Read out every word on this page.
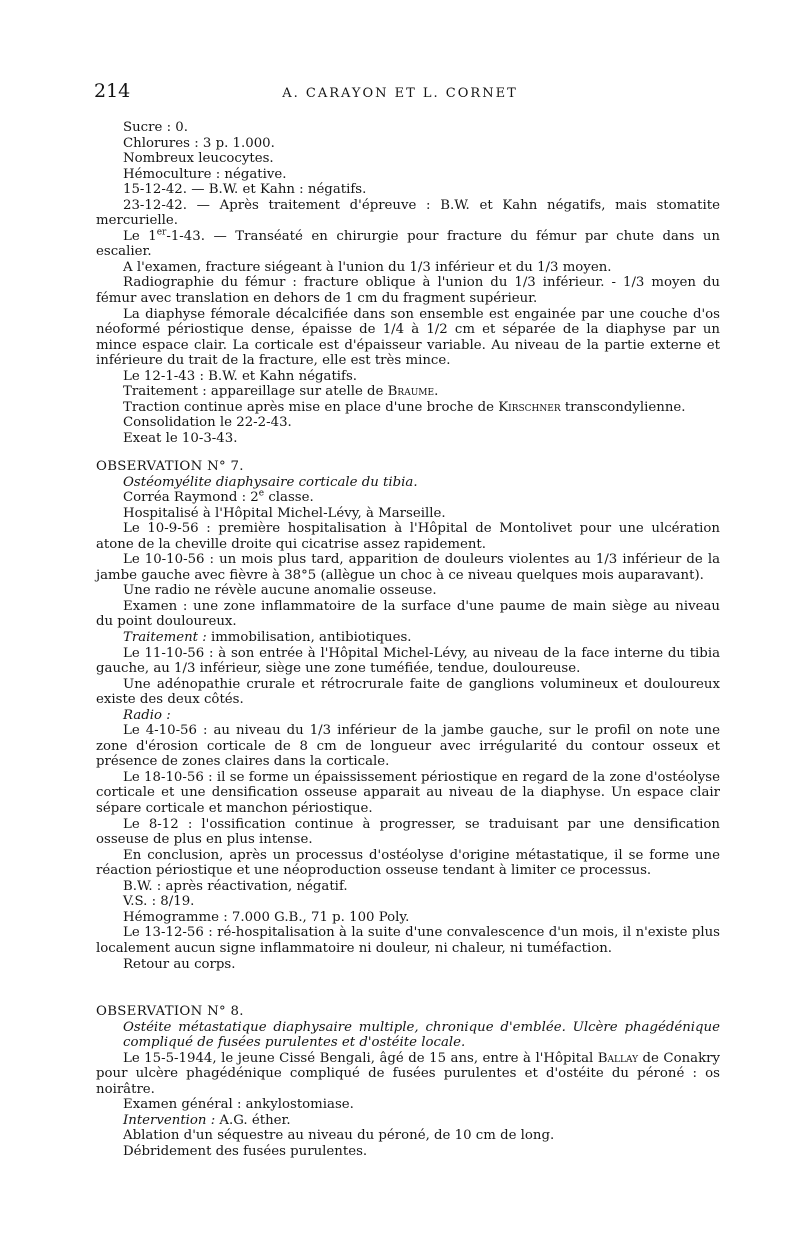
214	A. CARAYON ET L. CORNET

Sucre : 0.

Chlorures : 3 p. 1.000.

Nombreux leucocytes.

Hémoculture : négative.

15-12-42. — B.W. et Kahn : négatifs.

23-12-42. — Après traitement d'épreuve : B.W. et Kahn négatifs, mais stomatite mercurielle.

Le 1er-1-43. — Transéaté en chirurgie pour fracture du fémur par chute dans un escalier.

A l'examen, fracture siégeant à l'union du 1/3 inférieur et du 1/3 moyen.

Radiographie du fémur : fracture oblique à l'union du 1/3 inférieur. - 1/3 moyen du fémur avec translation en dehors de 1 cm du fragment supérieur.

La diaphyse fémorale décalcifiée dans son ensemble est engainée par une couche d'os néoformé périostique dense, épaisse de 1/4 à 1/2 cm et séparée de la diaphyse par un mince espace clair. La corticale est d'épaisseur variable. Au niveau de la partie externe et inférieure du trait de la fracture, elle est très mince.

Le 12-1-43 : B.W. et Kahn négatifs.

Traitement : appareillage sur atelle de Braume.

Traction continue après mise en place d'une broche de Kirschner transcondylienne.

Consolidation le 22-2-43.

Exeat le 10-3-43.

OBSERVATION N° 7.

Ostéomyélite diaphysaire corticale du tibia.

Corréa Raymond : 2e classe.

Hospitalisé à l'Hôpital Michel-Lévy, à Marseille.

Le 10-9-56 : première hospitalisation à l'Hôpital de Montolivet pour une ulcération atone de la cheville droite qui cicatrise assez rapidement.

Le 10-10-56 : un mois plus tard, apparition de douleurs violentes au 1/3 inférieur de la jambe gauche avec fièvre à 38°5 (allègue un choc à ce niveau quelques mois auparavant).

Une radio ne révèle aucune anomalie osseuse.

Examen : une zone inflammatoire de la surface d'une paume de main siège au niveau du point douloureux.

Traitement : immobilisation, antibiotiques.

Le 11-10-56 : à son entrée à l'Hôpital Michel-Lévy, au niveau de la face interne du tibia gauche, au 1/3 inférieur, siège une zone tuméfiée, tendue, douloureuse.

Une adénopathie crurale et rétrocrurale faite de ganglions volumineux et douloureux existe des deux côtés.

Radio :

Le 4-10-56 : au niveau du 1/3 inférieur de la jambe gauche, sur le profil on note une zone d'érosion corticale de 8 cm de longueur avec irrégularité du contour osseux et présence de zones claires dans la corticale.

Le 18-10-56 : il se forme un épaississement périostique en regard de la zone d'ostéolyse corticale et une densification osseuse apparait au niveau de la diaphyse. Un espace clair sépare corticale et manchon périostique.

Le 8-12 : l'ossification continue à progresser, se traduisant par une densification osseuse de plus en plus intense.

En conclusion, après un processus d'ostéolyse d'origine métastatique, il se forme une réaction périostique et une néoproduction osseuse tendant à limiter ce processus.

B.W. : après réactivation, négatif.

V.S. : 8/19.

Hémogramme : 7.000 G.B., 71 p. 100 Poly.

Le 13-12-56 : ré-hospitalisation à la suite d'une convalescence d'un mois, il n'existe plus localement aucun signe inflammatoire ni douleur, ni chaleur, ni tuméfaction.

Retour au corps.

OBSERVATION N° 8.

Ostéite métastatique diaphysaire multiple, chronique d'emblée. Ulcère phagédénique compliqué de fusées purulentes et d'ostéite locale.

Le 15-5-1944, le jeune Cissé Bengali, âgé de 15 ans, entre à l'Hôpital Ballay de Conakry pour ulcère phagédénique compliqué de fusées purulentes et d'ostéite du péroné : os noirâtre.

Examen général : ankylostomiase.

Intervention : A.G. éther.

Ablation d'un séquestre au niveau du péroné, de 10 cm de long.

Débridement des fusées purulentes.
